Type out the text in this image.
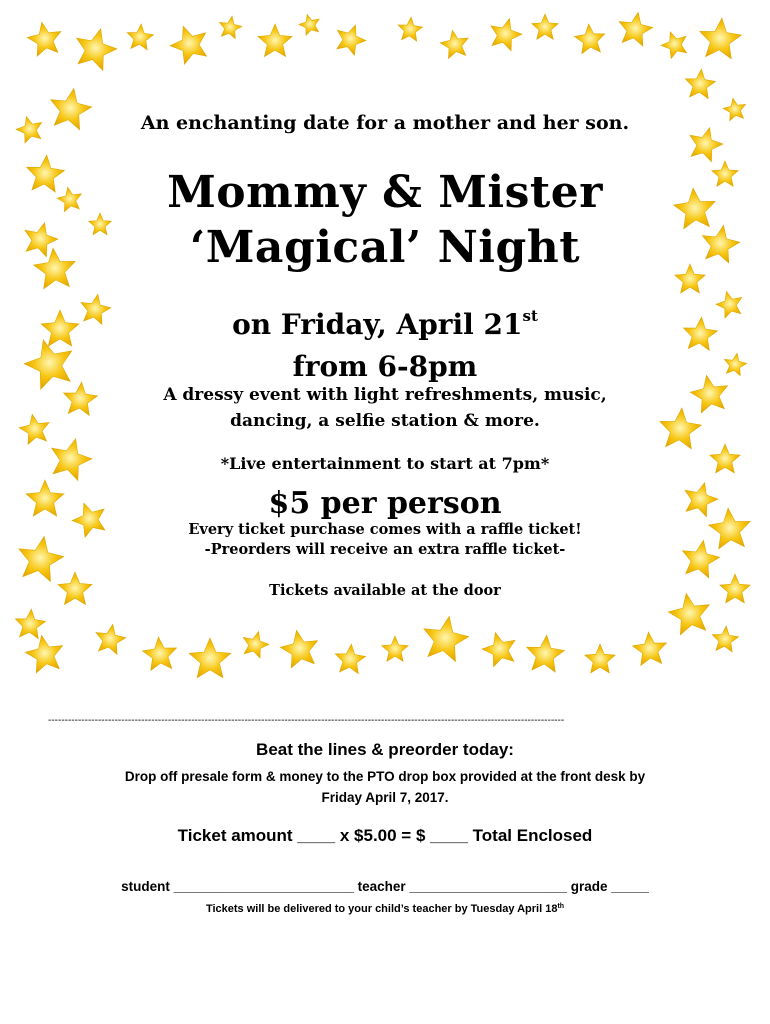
An enchanting date for a mother and her son.
Mommy & Mister
‘Magical’ Night
on Friday, April 21st
from 6-8pm
A dressy event with light refreshments, music,
dancing, a selfie station & more.
*Live entertainment to start at 7pm*
$5 per person
Every ticket purchase comes with a raffle ticket!
-Preorders will receive an extra raffle ticket-
Tickets available at the door
-----------------------------------------------------------------------------------------------------------------------------------------------------------
Beat the lines & preorder today:
Drop off presale form & money to the PTO drop box provided at the front desk by
Friday April 7, 2017.
Ticket amount ____ x $5.00 = $ ____ Total Enclosed
student ________________________ teacher _____________________ grade _____
Tickets will be delivered to your child’s teacher by Tuesday April 18th
